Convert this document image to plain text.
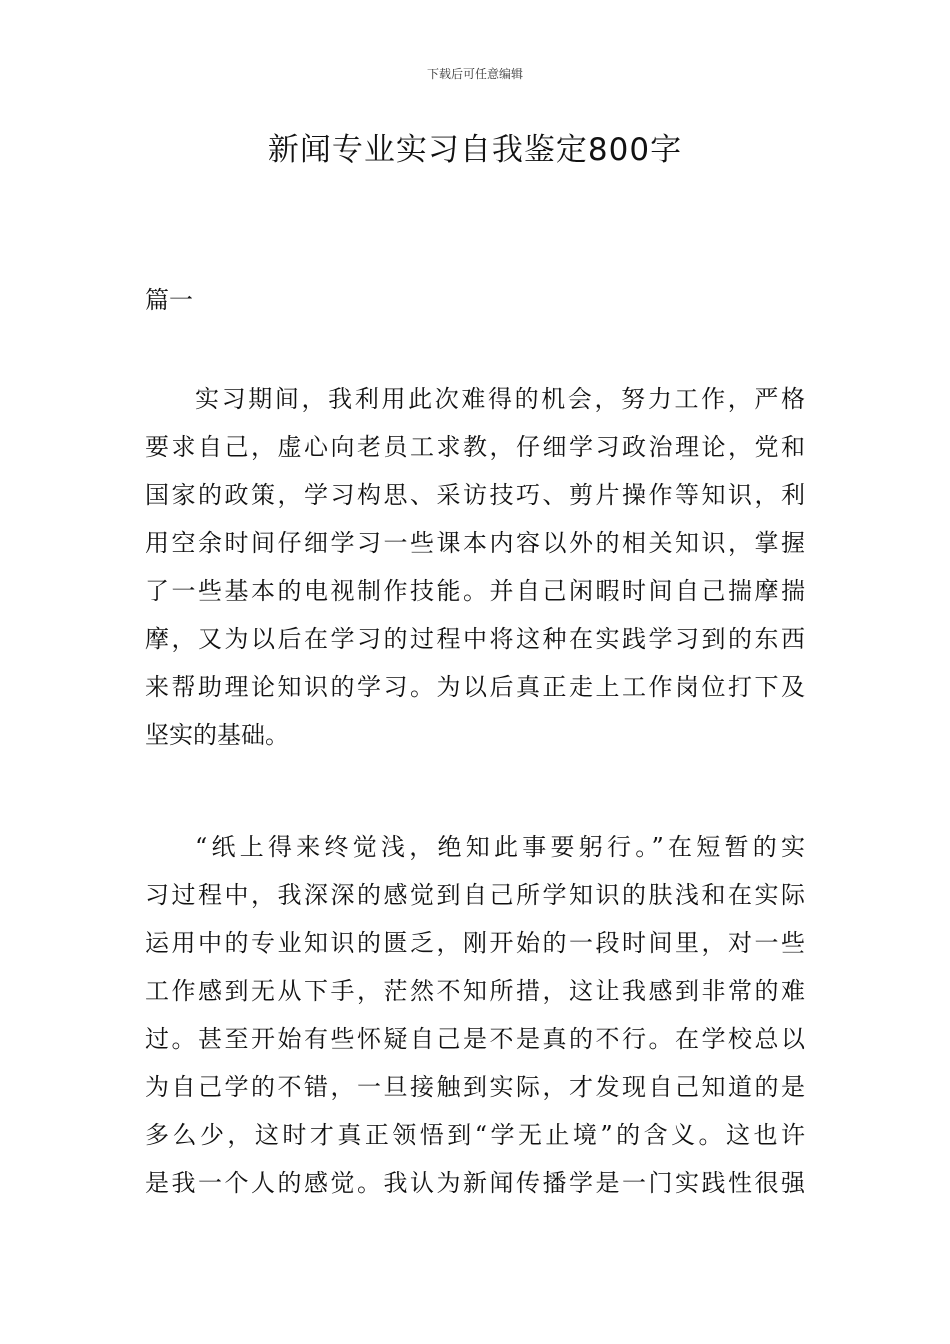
下载后可任意编辑
新闻专业实习自我鉴定800字
篇一
实习期间，我利用此次难得的机会，努力工作，严格
要求自己，虚心向老员工求教，仔细学习政治理论，党和
国家的政策，学习构思、采访技巧、剪片操作等知识，利
用空余时间仔细学习一些课本内容以外的相关知识，掌握
了一些基本的电视制作技能。并自己闲暇时间自己揣摩揣
摩，又为以后在学习的过程中将这种在实践学习到的东西
来帮助理论知识的学习。为以后真正走上工作岗位打下及
坚实的基础。
“纸上得来终觉浅，绝知此事要躬行。”在短暂的实
习过程中，我深深的感觉到自己所学知识的肤浅和在实际
运用中的专业知识的匮乏，刚开始的一段时间里，对一些
工作感到无从下手，茫然不知所措，这让我感到非常的难
过。甚至开始有些怀疑自己是不是真的不行。在学校总以
为自己学的不错，一旦接触到实际，才发现自己知道的是
多么少，这时才真正领悟到“学无止境”的含义。这也许
是我一个人的感觉。我认为新闻传播学是一门实践性很强
